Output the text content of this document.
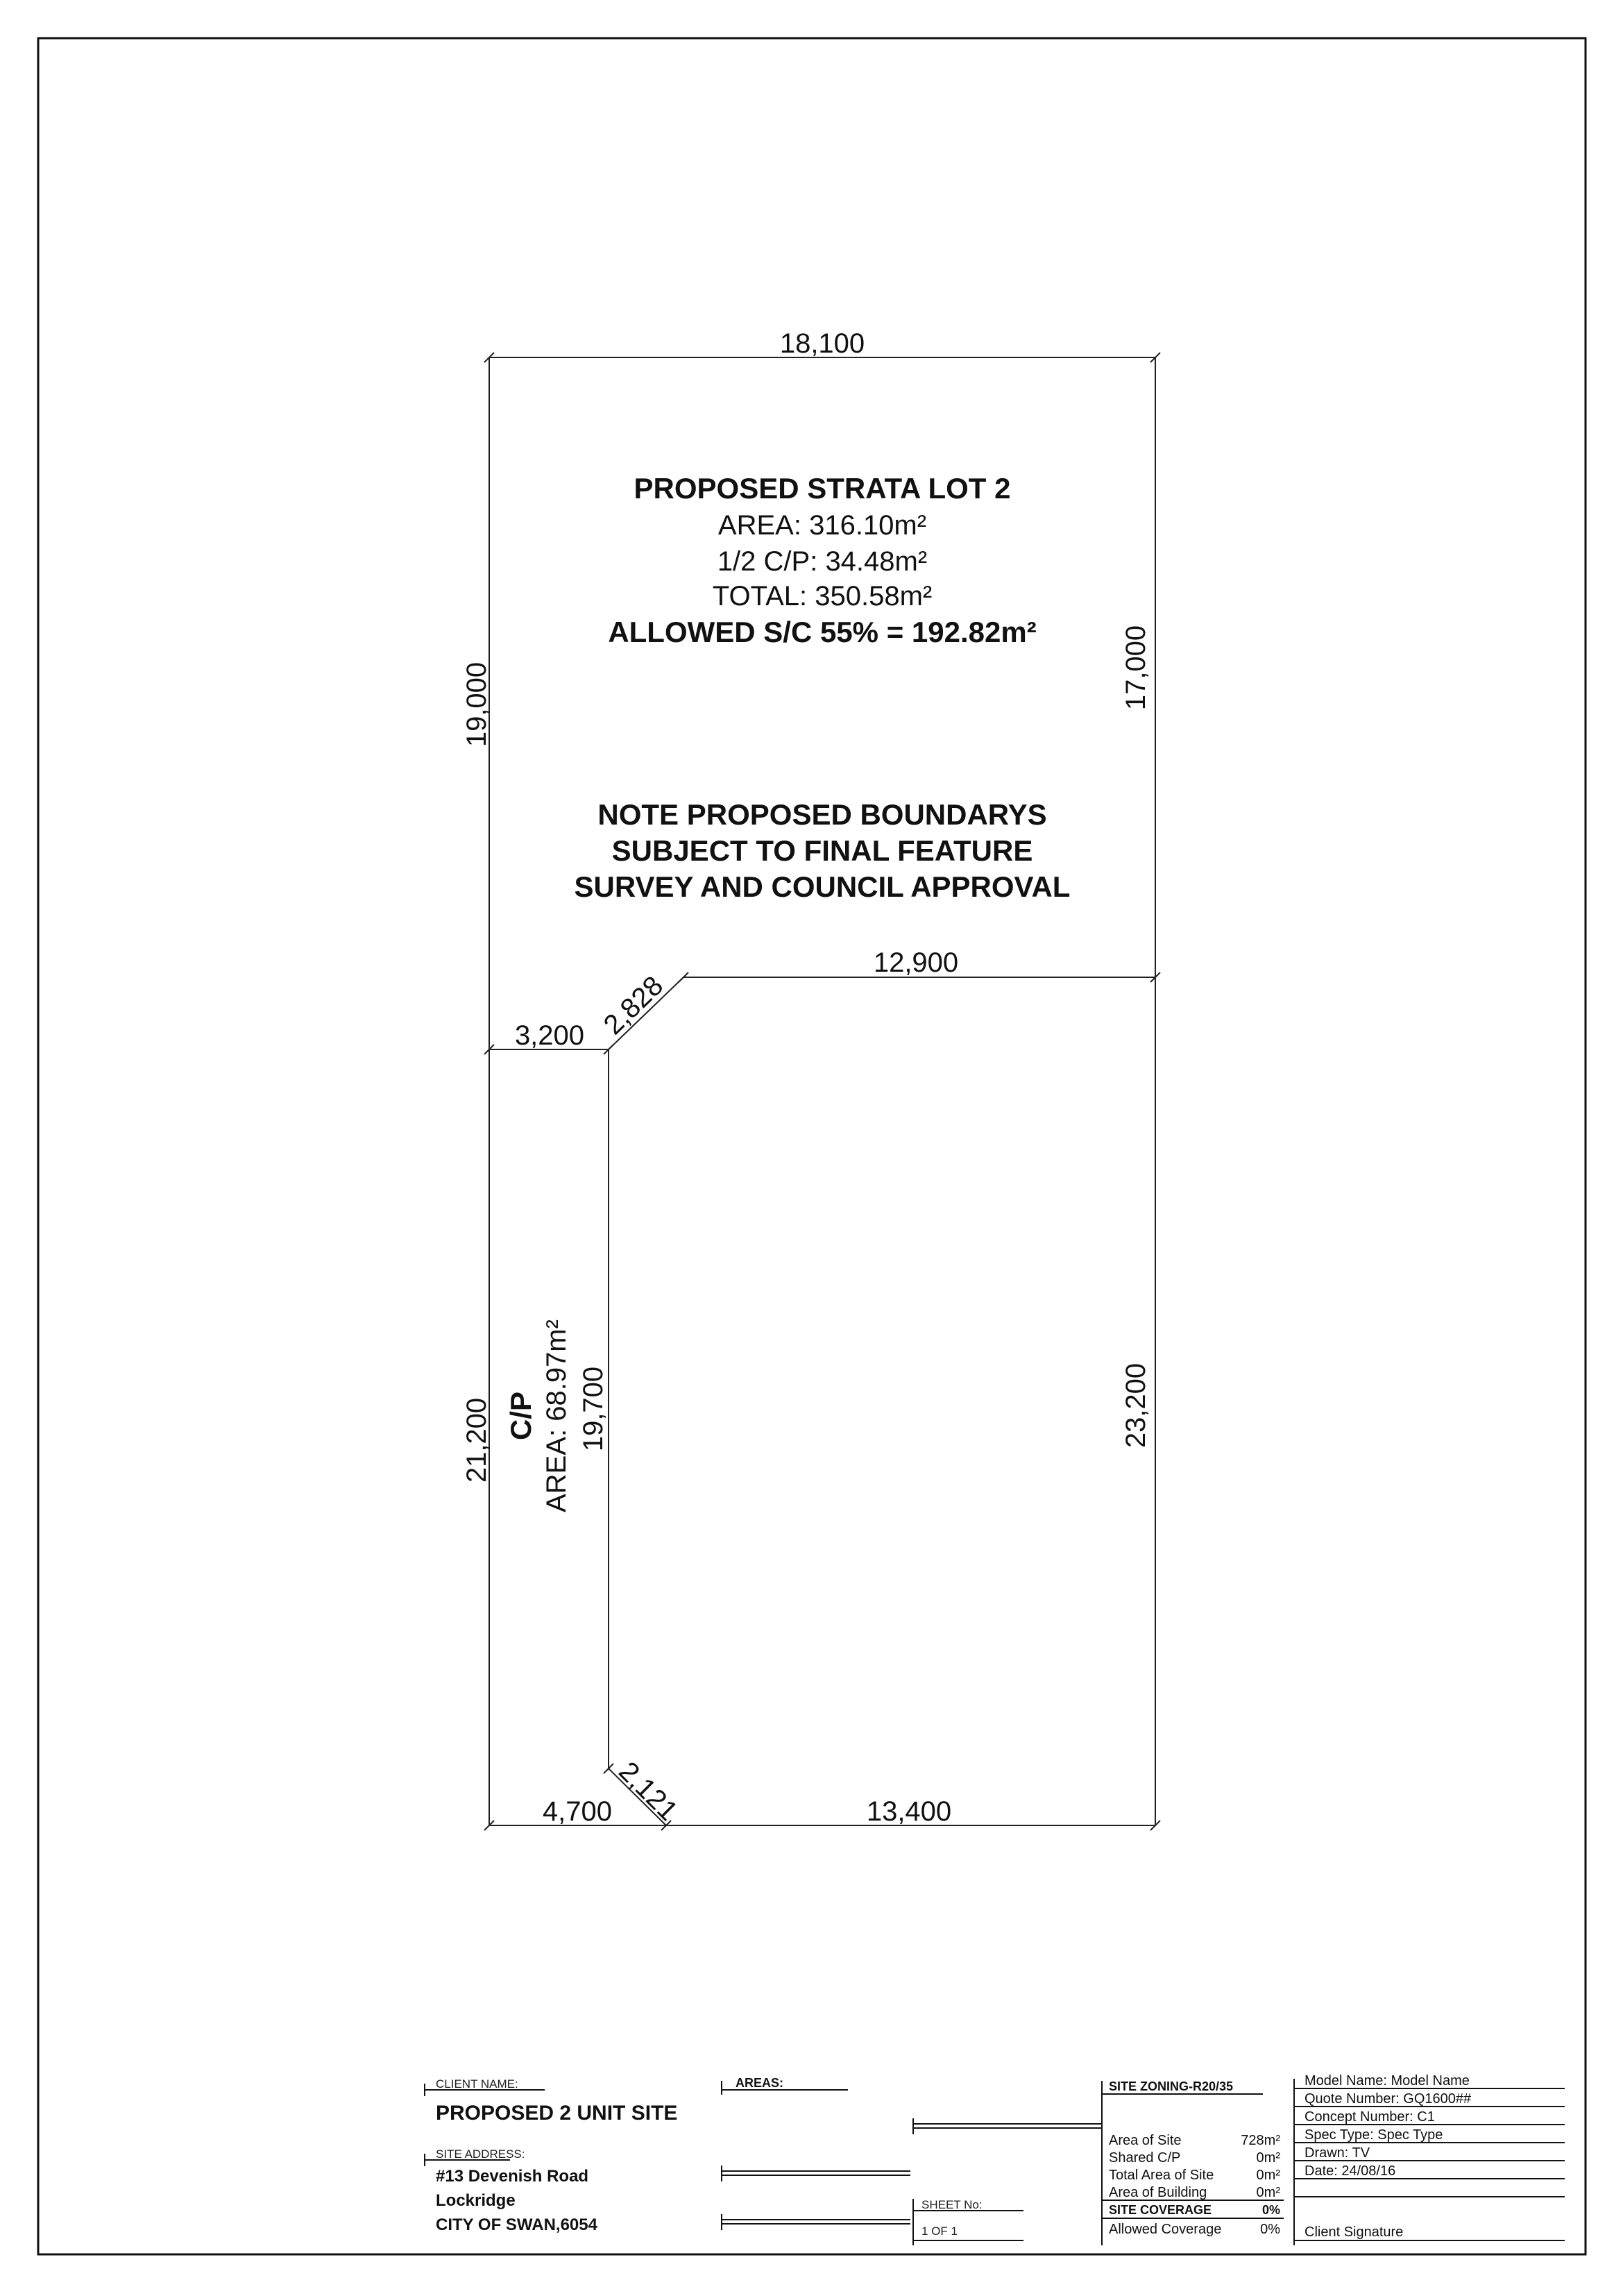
18,100
19,000	17,000
12,900
3,200 2,828
21,200	19,700	23,200
2,121
4,700	13,400
PROPOSED STRATA LOT 2
AREA: 316.10m²
1/2 C/P: 34.48m²
TOTAL: 350.58m²
ALLOWED S/C 55% = 192.82m²
NOTE PROPOSED BOUNDARYS
SUBJECT TO FINAL FEATURE
SURVEY AND COUNCIL APPROVAL
C/P AREA: 68.97m²
CLIENT NAME:
PROPOSED 2 UNIT SITE
SITE ADDRESS:
#13 Devenish Road
Lockridge
CITY OF SWAN,6054
AREAS:
SHEET No:
1 OF 1
SITE ZONING-R20/35
Area of Site	728m²
Shared C/P	0m²
Total Area of Site	0m²
Area of Building	0m²
SITE COVERAGE	0%
Allowed Coverage	0%
Model Name: Model Name
Quote Number: GQ1600##
Concept Number: C1
Spec Type: Spec Type
Drawn: TV
Date: 24/08/16
Client Signature
